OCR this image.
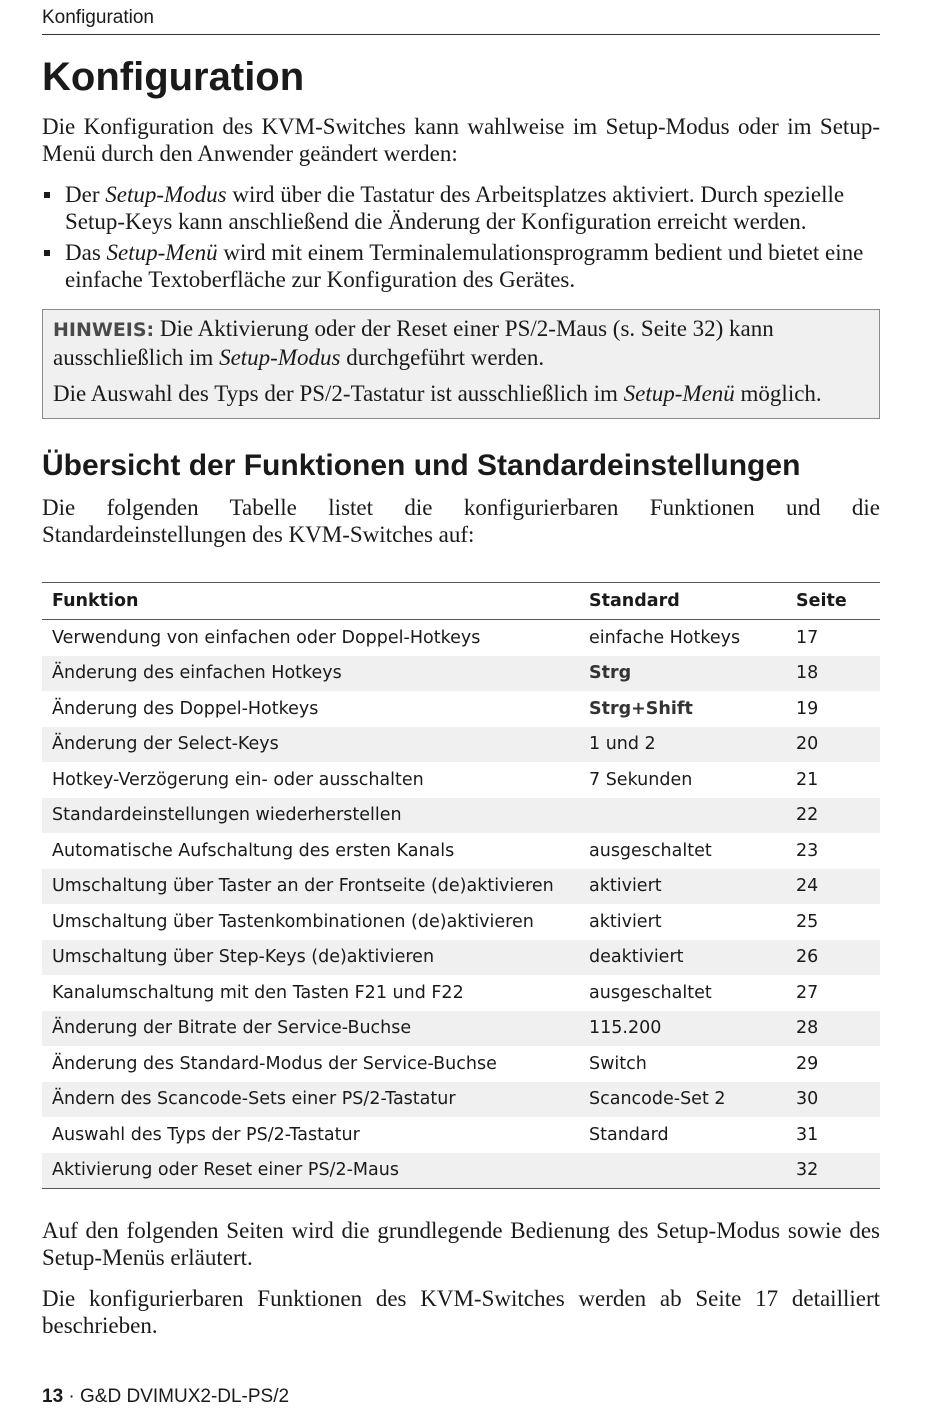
Konfiguration
Konfiguration

Die Konfiguration des KVM-Switches kann wahlweise im Setup-Modus oder im Setup-Menü durch den Anwender geändert werden:

Der Setup-Modus wird über die Tastatur des Arbeitsplatzes aktiviert. Durch spezielle Setup-Keys kann anschließend die Änderung der Konfiguration erreicht werden.
Das Setup-Menü wird mit einem Terminalemulationsprogramm bedient und bietet eine einfache Textoberfläche zur Konfiguration des Gerätes.

HINWEIS: Die Aktivierung oder der Reset einer PS/2-Maus (s. Seite 32) kann ausschließlich im Setup-Modus durchgeführt werden.

Die Auswahl des Typs der PS/2-Tastatur ist ausschließlich im Setup-Menü möglich.

Übersicht der Funktionen und Standardeinstellungen

Die folgenden Tabelle listet die konfigurierbaren Funktionen und die Standardeinstellungen des KVM-Switches auf:

Funktion	Standard	Seite
Verwendung von einfachen oder Doppel-Hotkeys	einfache Hotkeys	17
Änderung des einfachen Hotkeys	Strg	18
Änderung des Doppel-Hotkeys	Strg+Shift	19
Änderung der Select-Keys	1 und 2	20
Hotkey-Verzögerung ein- oder ausschalten	7 Sekunden	21
Standardeinstellungen wiederherstellen		22
Automatische Aufschaltung des ersten Kanals	ausgeschaltet	23
Umschaltung über Taster an der Frontseite (de)aktivieren	aktiviert	24
Umschaltung über Tastenkombinationen (de)aktivieren	aktiviert	25
Umschaltung über Step-Keys (de)aktivieren	deaktiviert	26
Kanalumschaltung mit den Tasten F21 und F22	ausgeschaltet	27
Änderung der Bitrate der Service-Buchse	115.200	28
Änderung des Standard-Modus der Service-Buchse	Switch	29
Ändern des Scancode-Sets einer PS/2-Tastatur	Scancode-Set 2	30
Auswahl des Typs der PS/2-Tastatur	Standard	31
Aktivierung oder Reset einer PS/2-Maus		32

Auf den folgenden Seiten wird die grundlegende Bedienung des Setup-Modus sowie des Setup-Menüs erläutert.

Die konfigurierbaren Funktionen des KVM-Switches werden ab Seite 17 detailliert beschrieben.

13 · G&D DVIMUX2-DL-PS/2
